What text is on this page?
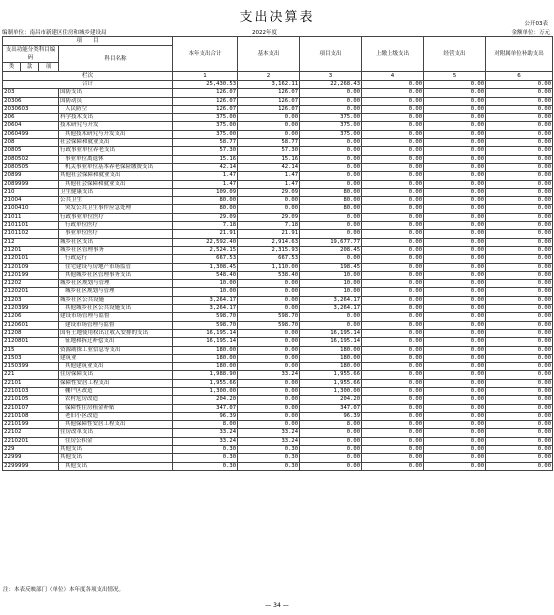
支出决算表	公开03表
编制单位：南昌市新建区住房和城乡建设局	2022年度	金额单位：万元
项　　目				本年支出合计	基本支出	项目支出	上缴上级支出	经营支出	对附属单位补助支出
支出功能分类科目编码			科目名称						

类	款	项							
栏次				1	2	3	4	5	6
合计				25,430.53	3,162.11	22,268.43	0.00	0.00	0.00
203			国防支出	126.07	126.07	0.00	0.00	0.00	0.00
20306			国防动员	126.07	126.07	0.00	0.00	0.00	0.00
2030603			人民防空	126.07	126.07	0.00	0.00	0.00	0.00
206			科学技术支出	375.00	0.00	375.00	0.00	0.00	0.00
20604			技术研究与开发	375.00	0.00	375.00	0.00	0.00	0.00
2060499			其他技术研究与开发支出	375.00	0.00	375.00	0.00	0.00	0.00
208			社会保障和就业支出	58.77	58.77	0.00	0.00	0.00	0.00
20805			行政事业单位养老支出	57.30	57.30	0.00	0.00	0.00	0.00
2080502			事业单位离退休	15.16	15.16	0.00	0.00	0.00	0.00
2080505			机关事业单位基本养老保险缴费支出	42.14	42.14	0.00	0.00	0.00	0.00
20899			其他社会保障和就业支出	1.47	1.47	0.00	0.00	0.00	0.00
2089999			其他社会保障和就业支出	1.47	1.47	0.00	0.00	0.00	0.00
210			卫生健康支出	109.09	29.09	80.00	0.00	0.00	0.00
21004			公共卫生	80.00	0.00	80.00	0.00	0.00	0.00
2100410			突发公共卫生事件应急处理	80.00	0.00	80.00	0.00	0.00	0.00
21011			行政事业单位医疗	29.09	29.09	0.00	0.00	0.00	0.00
2101101			行政单位医疗	7.18	7.18	0.00	0.00	0.00	0.00
2101102			事业单位医疗	21.91	21.91	0.00	0.00	0.00	0.00
212			城乡社区支出	22,592.40	2,914.63	19,677.77	0.00	0.00	0.00
21201			城乡社区管理事务	2,524.15	2,315.93	208.45	0.00	0.00	0.00
2120101			行政运行	667.53	667.53	0.00	0.00	0.00	0.00
2120109			住宅建设与房地产市场监管	1,308.45	1,110.00	198.45	0.00	0.00	0.00
2120199			其他城乡社区管理事务支出	548.40	538.40	10.00	0.00	0.00	0.00
21202			城乡社区规划与管理	10.00	0.00	10.00	0.00	0.00	0.00
2120201			城乡社区规划与管理	10.00	0.00	10.00	0.00	0.00	0.00
21203			城乡社区公共设施	3,264.17	0.00	3,264.17	0.00	0.00	0.00
2120399			其他城乡社区公共设施支出	3,264.17	0.00	3,264.17	0.00	0.00	0.00
21206			建设市场管理与监督	598.70	598.70	0.00	0.00	0.00	0.00
2120601			建设市场管理与监督	598.70	598.70	0.00	0.00	0.00	0.00
21208			国有土地使用权出让收入安排的支出	16,195.14	0.00	16,195.14	0.00	0.00	0.00
2120801			征地和拆迁补偿支出	16,195.14	0.00	16,195.14	0.00	0.00	0.00
215			资源勘探工业信息等支出	180.00	0.00	180.00	0.00	0.00	0.00
21503			建筑业	180.00	0.00	180.00	0.00	0.00	0.00
2150399			其他建筑业支出	180.00	0.00	180.00	0.00	0.00	0.00
221			住房保障支出	1,988.90	33.24	1,955.66	0.00	0.00	0.00
22101			保障性安居工程支出	1,955.66	0.00	1,955.66	0.00	0.00	0.00
2210103			棚户区改造	1,300.00	0.00	1,300.00	0.00	0.00	0.00
2210105			农村危房改造	204.20	0.00	204.20	0.00	0.00	0.00
2210107			保障性住房租金补贴	347.07	0.00	347.07	0.00	0.00	0.00
2210108			老旧小区改造	96.39	0.00	96.39	0.00	0.00	0.00
2210199			其他保障性安居工程支出	8.00	0.00	8.00	0.00	0.00	0.00
22102			住房改革支出	33.24	33.24	0.00	0.00	0.00	0.00
2210201			住房公积金	33.24	33.24	0.00	0.00	0.00	0.00
229			其他支出	0.30	0.30	0.00	0.00	0.00	0.00
22999			其他支出	0.30	0.30	0.00	0.00	0.00	0.00
2299999			其他支出	0.30	0.30	0.00	0.00	0.00	0.00
注：本表反映部门（单位）本年度各项支出情况。
— 34 —
